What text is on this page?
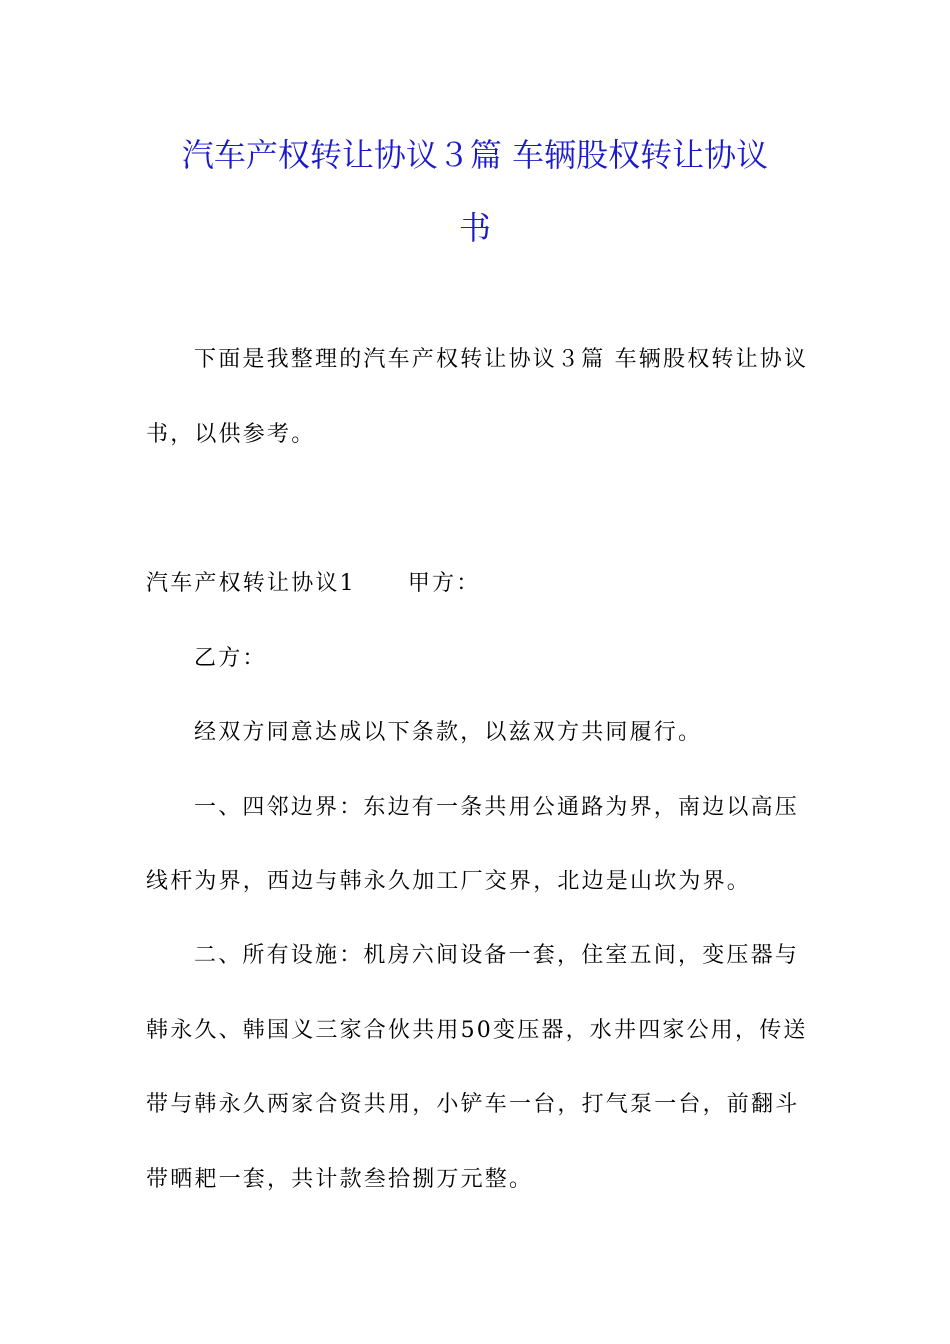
汽车产权转让协议３篇 车辆股权转让协议
书
下面是我整理的汽车产权转让协议３篇 车辆股权转让协议
书，以供参考。
汽车产权转让协议1 甲方：
乙方：
经双方同意达成以下条款，以兹双方共同履行。
一、四邻边界：东边有一条共用公通路为界，南边以高压
线杆为界，西边与韩永久加工厂交界，北边是山坎为界。
二、所有设施：机房六间设备一套，住室五间，变压器与
韩永久、韩国义三家合伙共用50变压器，水井四家公用，传送
带与韩永久两家合资共用，小铲车一台，打气泵一台，前翻斗
带晒耙一套，共计款叁拾捌万元整。
